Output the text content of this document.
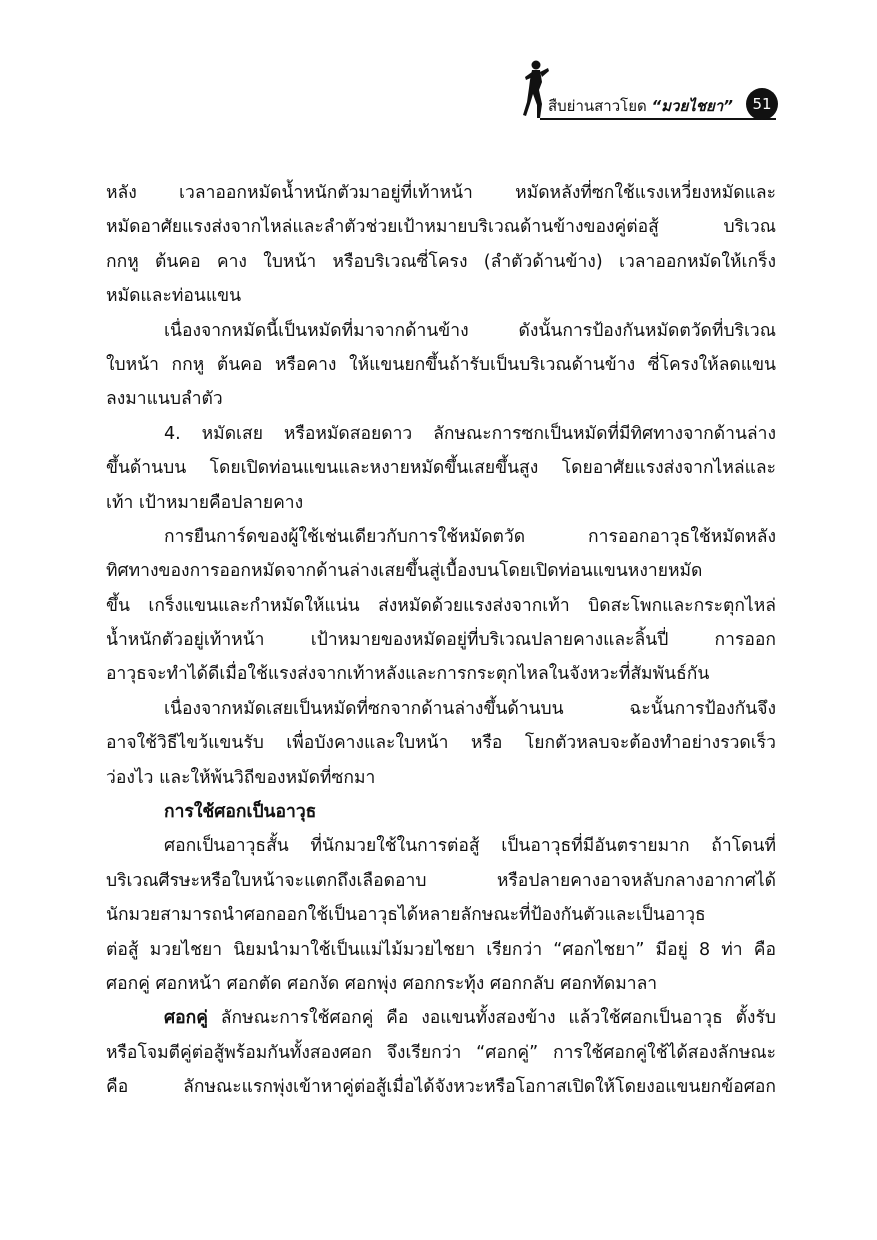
สืบย่านสาวโยด “มวยไชยา”	51
หลัง เวลาออกหมัดน้ำหนักตัวมาอยู่ที่เท้าหน้า หมัดหลังที่ซกใช้แรงเหวี่ยงหมัดและ
หมัดอาศัยแรงส่งจากไหล่และลำตัวช่วยเป้าหมายบริเวณด้านข้างของคู่ต่อสู้ บริเวณ
กกหู ต้นคอ คาง ใบหน้า หรือบริเวณซี่โครง (ลำตัวด้านข้าง) เวลาออกหมัดให้เกร็ง
หมัดและท่อนแขน
เนื่องจากหมัดนี้เป็นหมัดที่มาจากด้านข้าง ดังนั้นการป้องกันหมัดตวัดที่บริเวณ
ใบหน้า กกหู ต้นคอ หรือคาง ให้แขนยกขึ้นถ้ารับเป็นบริเวณด้านข้าง ซี่โครงให้ลดแขน
ลงมาแนบลำตัว
4. หมัดเสย หรือหมัดสอยดาว ลักษณะการซกเป็นหมัดที่มีทิศทางจากด้านล่าง
ขึ้นด้านบน โดยเปิดท่อนแขนและหงายหมัดขึ้นเสยขึ้นสูง โดยอาศัยแรงส่งจากไหล่และ
เท้า เป้าหมายคือปลายคาง
การยืนการ์ดของผู้ใช้เช่นเดียวกับการใช้หมัดตวัด การออกอาวุธใช้หมัดหลัง
ทิศทางของการออกหมัดจากด้านล่างเสยขึ้นสู่เบื้องบนโดยเปิดท่อนแขนหงายหมัด
ขึ้น เกร็งแขนและกำหมัดให้แน่น ส่งหมัดด้วยแรงส่งจากเท้า บิดสะโพกและกระตุกไหล่
น้ำหนักตัวอยู่เท้าหน้า เป้าหมายของหมัดอยู่ที่บริเวณปลายคางและลิ้นปี่ การออก
อาวุธจะทำได้ดีเมื่อใช้แรงส่งจากเท้าหลังและการกระตุกไหลในจังหวะที่สัมพันธ์กัน
เนื่องจากหมัดเสยเป็นหมัดที่ซกจากด้านล่างขึ้นด้านบน ฉะนั้นการป้องกันจึง
อาจใช้วิธีไขว้แขนรับ เพื่อบังคางและใบหน้า หรือ โยกตัวหลบจะต้องทำอย่างรวดเร็ว
ว่องไว และให้พ้นวิถีของหมัดที่ซกมา
การใช้ศอกเป็นอาวุธ
ศอกเป็นอาวุธสั้น ที่นักมวยใช้ในการต่อสู้ เป็นอาวุธที่มีอันตรายมาก ถ้าโดนที่
บริเวณศีรษะหรือใบหน้าจะแตกถึงเลือดอาบ หรือปลายคางอาจหลับกลางอากาศได้
นักมวยสามารถนำศอกออกใช้เป็นอาวุธได้หลายลักษณะที่ป้องกันตัวและเป็นอาวุธ
ต่อสู้ มวยไชยา นิยมนำมาใช้เป็นแม่ไม้มวยไชยา เรียกว่า “ศอกไชยา” มีอยู่ 8 ท่า คือ
ศอกคู่ ศอกหน้า ศอกตัด ศอกงัด ศอกพุ่ง ศอกกระทุ้ง ศอกกลับ ศอกทัดมาลา
ศอกคู่ ลักษณะการใช้ศอกคู่ คือ งอแขนทั้งสองข้าง แล้วใช้ศอกเป็นอาวุธ ตั้งรับ
หรือโจมตีคู่ต่อสู้พร้อมกันทั้งสองศอก จึงเรียกว่า “ศอกคู่” การใช้ศอกคู่ใช้ได้สองลักษณะ
คือ ลักษณะแรกพุ่งเข้าหาคู่ต่อสู้เมื่อได้จังหวะหรือโอกาสเปิดให้โดยงอแขนยกข้อศอก
